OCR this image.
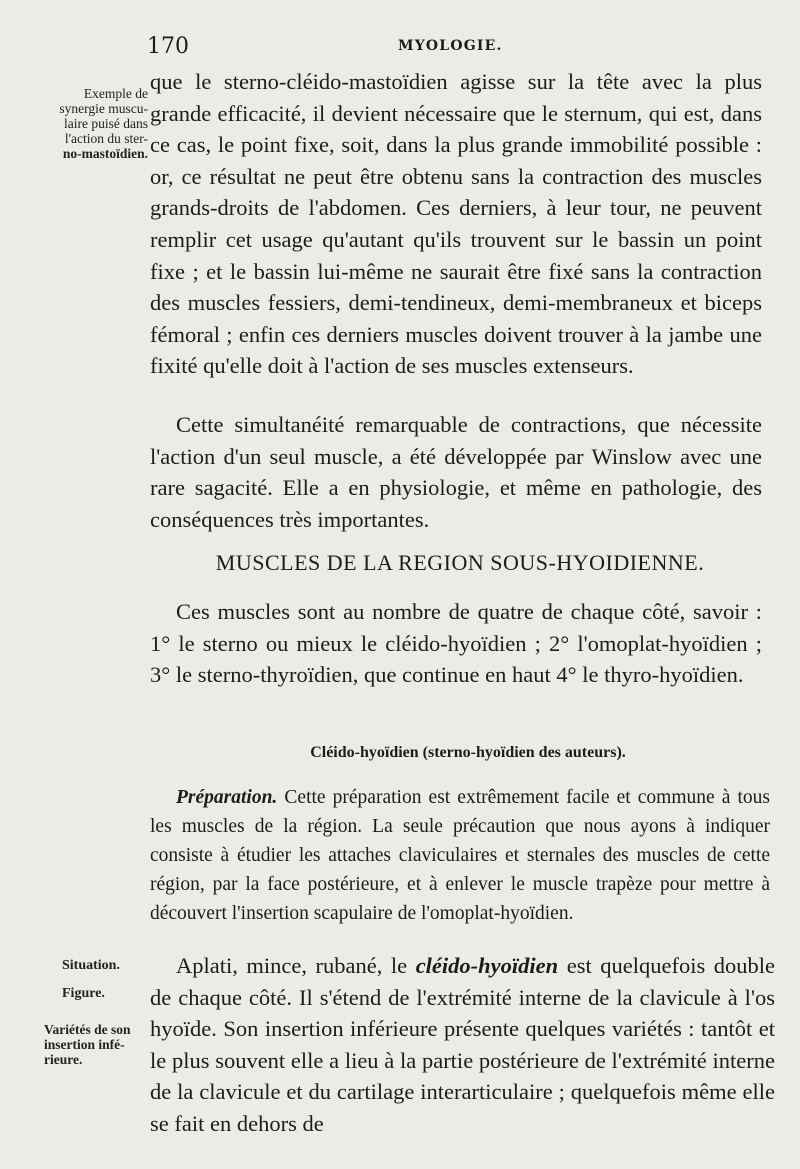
170	MYOLOGIE.
Exemple de
synergie muscu-
laire puisé dans
l'action du ster-
no-mastoïdien.
que le sterno-cléido-mastoïdien agisse sur la tête avec la plus grande efficacité, il devient nécessaire que le sternum, qui est, dans ce cas, le point fixe, soit, dans la plus grande immobilité possible : or, ce résultat ne peut être obtenu sans la contraction des muscles grands-droits de l'abdomen. Ces derniers, à leur tour, ne peuvent remplir cet usage qu'autant qu'ils trouvent sur le bassin un point fixe ; et le bassin lui-même ne saurait être fixé sans la contraction des muscles fessiers, demi-tendineux, demi-membraneux et biceps fémoral ; enfin ces derniers muscles doivent trouver à la jambe une fixité qu'elle doit à l'action de ses muscles extenseurs.
Cette simultanéité remarquable de contractions, que nécessite l'action d'un seul muscle, a été développée par Winslow avec une rare sagacité. Elle a en physiologie, et même en pathologie, des conséquences très importantes.
MUSCLES DE LA REGION SOUS-HYOIDIENNE.
Ces muscles sont au nombre de quatre de chaque côté, savoir : 1° le sterno ou mieux le cléido-hyoïdien ; 2° l'omoplat-hyoïdien ; 3° le sterno-thyroïdien, que continue en haut 4° le thyro-hyoïdien.
Cléido-hyoïdien (sterno-hyoïdien des auteurs).
Préparation. Cette préparation est extrêmement facile et commune à tous les muscles de la région. La seule précaution que nous ayons à indiquer consiste à étudier les attaches claviculaires et sternales des muscles de cette région, par la face postérieure, et à enlever le muscle trapèze pour mettre à découvert l'insertion scapulaire de l'omoplat-hyoïdien.
Situation.
Figure.
Variétés de son
insertion infé-
rieure.
Aplati, mince, rubané, le cléido-hyoïdien est quelquefois double de chaque côté. Il s'étend de l'extrémité interne de la clavicule à l'os hyoïde. Son insertion inférieure présente quelques variétés : tantôt et le plus souvent elle a lieu à la partie postérieure de l'extrémité interne de la clavicule et du cartilage interarticulaire ; quelquefois même elle se fait en dehors de
